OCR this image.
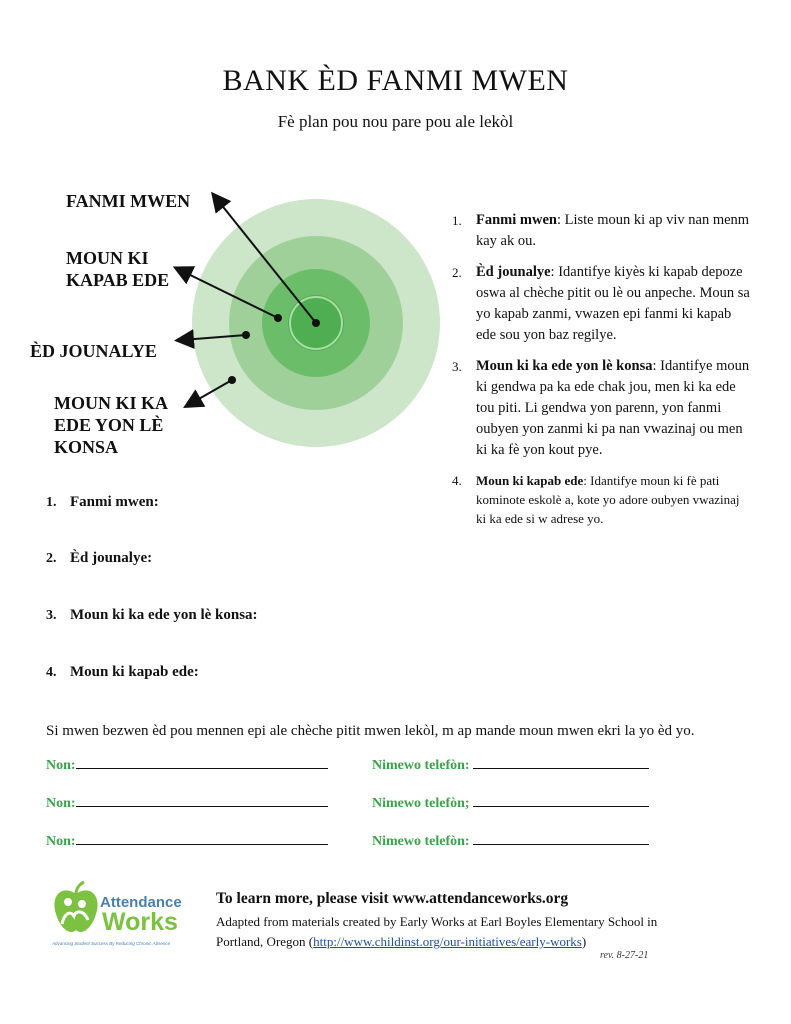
BANK ÈD FANMI MWEN
Fè plan pou nou pare pou ale lekòl
FANMI MWEN
MOUN KI
KAPAB EDE
ÈD JOUNALYE
MOUN KI KA
EDE YON LÈ
KONSA
1. Fanmi mwen: Liste moun ki ap viv nan menm kay ak ou.
2. Èd jounalye: Idantifye kiyès ki kapab depoze oswa al chèche pitit ou lè ou anpeche. Moun sa yo kapab zanmi, vwazen epi fanmi ki kapab ede sou yon baz regilye.
3. Moun ki ka ede yon lè konsa: Idantifye moun ki gendwa pa ka ede chak jou, men ki ka ede tou piti. Li gendwa yon parenn, yon fanmi oubyen yon zanmi ki pa nan vwazinaj ou men ki ka fè yon kout pye.
4. Moun ki kapab ede: Idantifye moun ki fè pati kominote eskolè a, kote yo adore oubyen vwazinaj ki ka ede si w adrese yo.
1. Fanmi mwen:
2. Èd jounalye:
3. Moun ki ka ede yon lè konsa:
4. Moun ki kapab ede:
Si mwen bezwen èd pou mennen epi ale chèche pitit mwen lekòl, m ap mande moun mwen ekri la yo èd yo.
Non:	Nimewo telefòn:
Non:	Nimewo telefòn;
Non:	Nimewo telefòn:
Attendance
Works
Advancing Student Success By Reducing Chronic Absence
To learn more, please visit www.attendanceworks.org
Adapted from materials created by Early Works at Earl Boyles Elementary School in
Portland, Oregon (http://www.childinst.org/our-initiatives/early-works)
rev. 8-27-21
